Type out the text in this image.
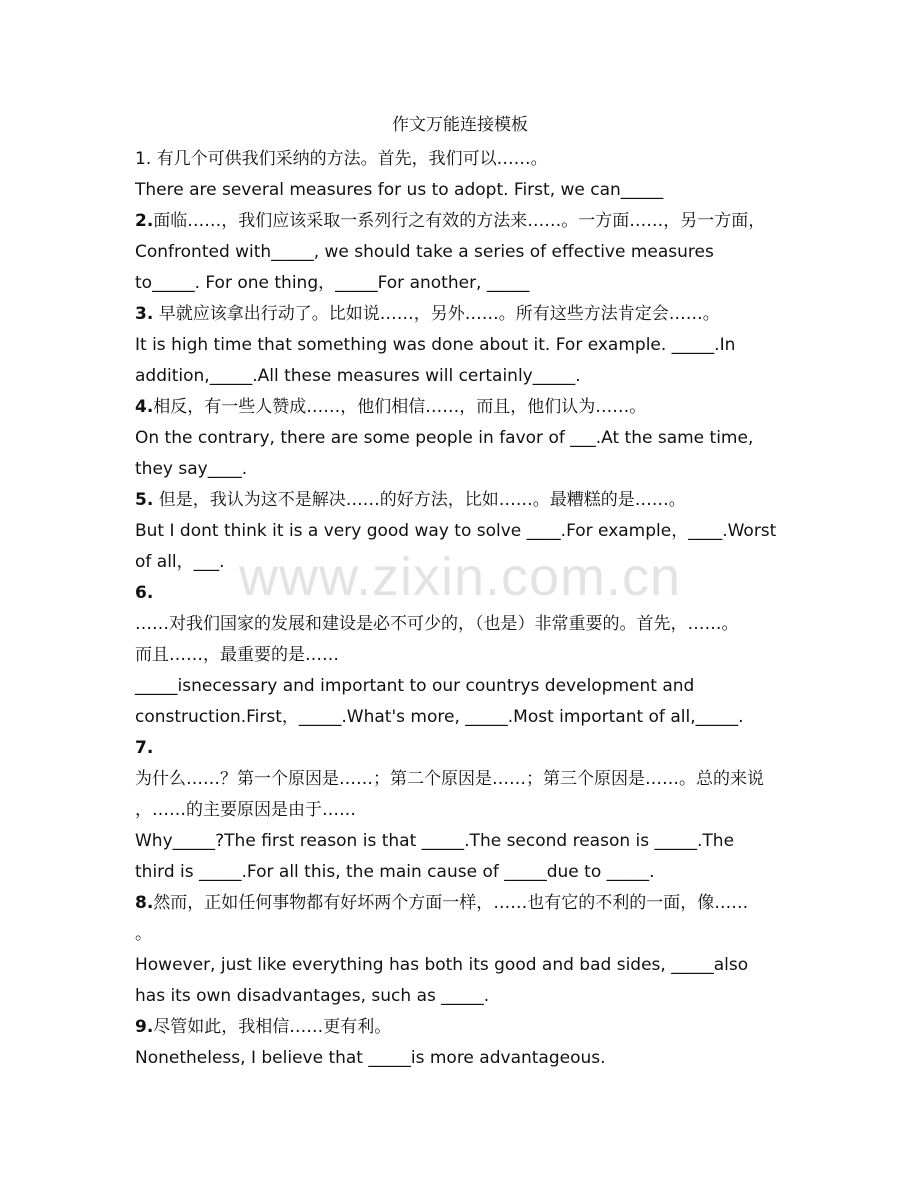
作文万能连接模板
1. 有几个可供我们采纳的方法。首先，我们可以……。
There are several measures for us to adopt. First, we can_____
2.面临……，我们应该采取一系列行之有效的方法来……。一方面……，另一方面，
Confronted with_____, we should take a series of effective measures
to_____. For one thing，_____For another, _____
3. 早就应该拿出行动了。比如说……，另外……。所有这些方法肯定会……。
It is high time that something was done about it. For example. _____.In
addition,_____.All these measures will certainly_____.
4.相反，有一些人赞成……，他们相信……，而且，他们认为……。
On the contrary, there are some people in favor of ___.At the same time,
they say____.
5. 但是，我认为这不是解决……的好方法，比如……。最糟糕的是……。
But I dont think it is a very good way to solve ____.For example，____.Worst
of all，___.
6.
……对我们国家的发展和建设是必不可少的，（也是）非常重要的。首先，……。
而且……，最重要的是……
_____isnecessary and important to our countrys development and
construction.First，_____.What's more, _____.Most important of all,_____.
7.
为什么……？第一个原因是……；第二个原因是……；第三个原因是……。总的来说
，……的主要原因是由于……
Why_____?The first reason is that _____.The second reason is _____.The
third is _____.For all this, the main cause of _____due to _____.
8.然而，正如任何事物都有好坏两个方面一样，……也有它的不利的一面，像……
。
However, just like everything has both its good and bad sides, _____also
has its own disadvantages, such as _____.
9.尽管如此，我相信……更有利。
Nonetheless, I believe that _____is more advantageous.
www.zixin.com.cn
